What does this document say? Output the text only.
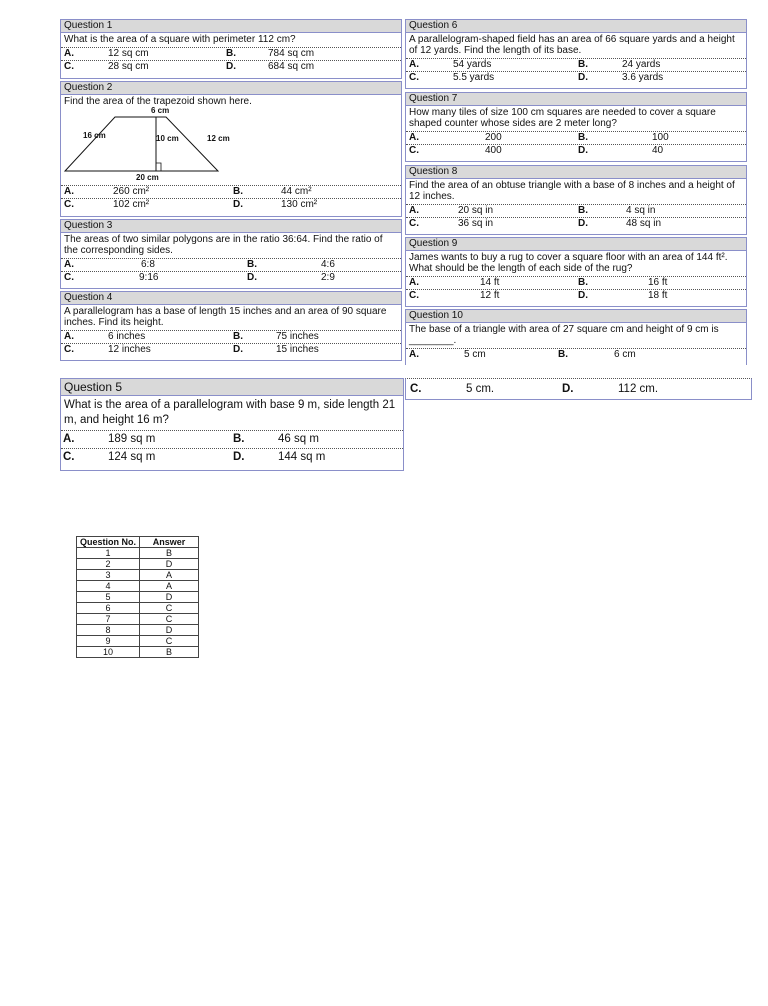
Question 1
What is the area of a square with perimeter 112 cm?
A.	12 sq cm	B.	784 sq cm
C.	28 sq cm	D.	684 sq cm
Question 2
Find the area of the trapezoid shown here.
6 cm
16 cm	10 cm	12 cm
20 cm
A.	260 cm²	B.	44 cm²
C.	102 cm²	D.	130 cm²
Question 3
The areas of two similar polygons are in the ratio 36:64. Find the ratio of the corresponding sides.
A.	6:8	B.	4:6
C.	9:16	D.	2:9
Question 4
A parallelogram has a base of length 15 inches and an area of 90 square inches. Find its height.
A.	6 inches	B.	75 inches
C.	12 inches	D.	15 inches
Question 5
What is the area of a parallelogram with base 9 m, side length 21 m, and height 16 m?
A.	189 sq m	B.	46 sq m
C.	124 sq m	D.	144 sq m
Question 6
A parallelogram-shaped field has an area of 66 square yards and a height of 12 yards. Find the length of its base.
A.	54 yards	B.	24 yards
C.	5.5 yards	D.	3.6 yards
Question 7
How many tiles of size 100 cm squares are needed to cover a square shaped counter whose sides are 2 meter long?
A.	200	B.	100
C.	400	D.	40
Question 8
Find the area of an obtuse triangle with a base of 8 inches and a height of 12 inches.
A.	20 sq in	B.	4 sq in
C.	36 sq in	D.	48 sq in
Question 9
James wants to buy a rug to cover a square floor with an area of 144 ft². What should be the length of each side of the rug?
A.	14 ft	B.	16 ft
C.	12 ft	D.	18 ft
Question 10
The base of a triangle with area of 27 square cm and height of 9 cm is ________.
A.	5 cm	B.	6 cm
C.	5 cm.	D.	112 cm.
Question No.	Answer
1	B
2	D
3	A
4	A
5	D
6	C
7	C
8	D
9	C
10	B
